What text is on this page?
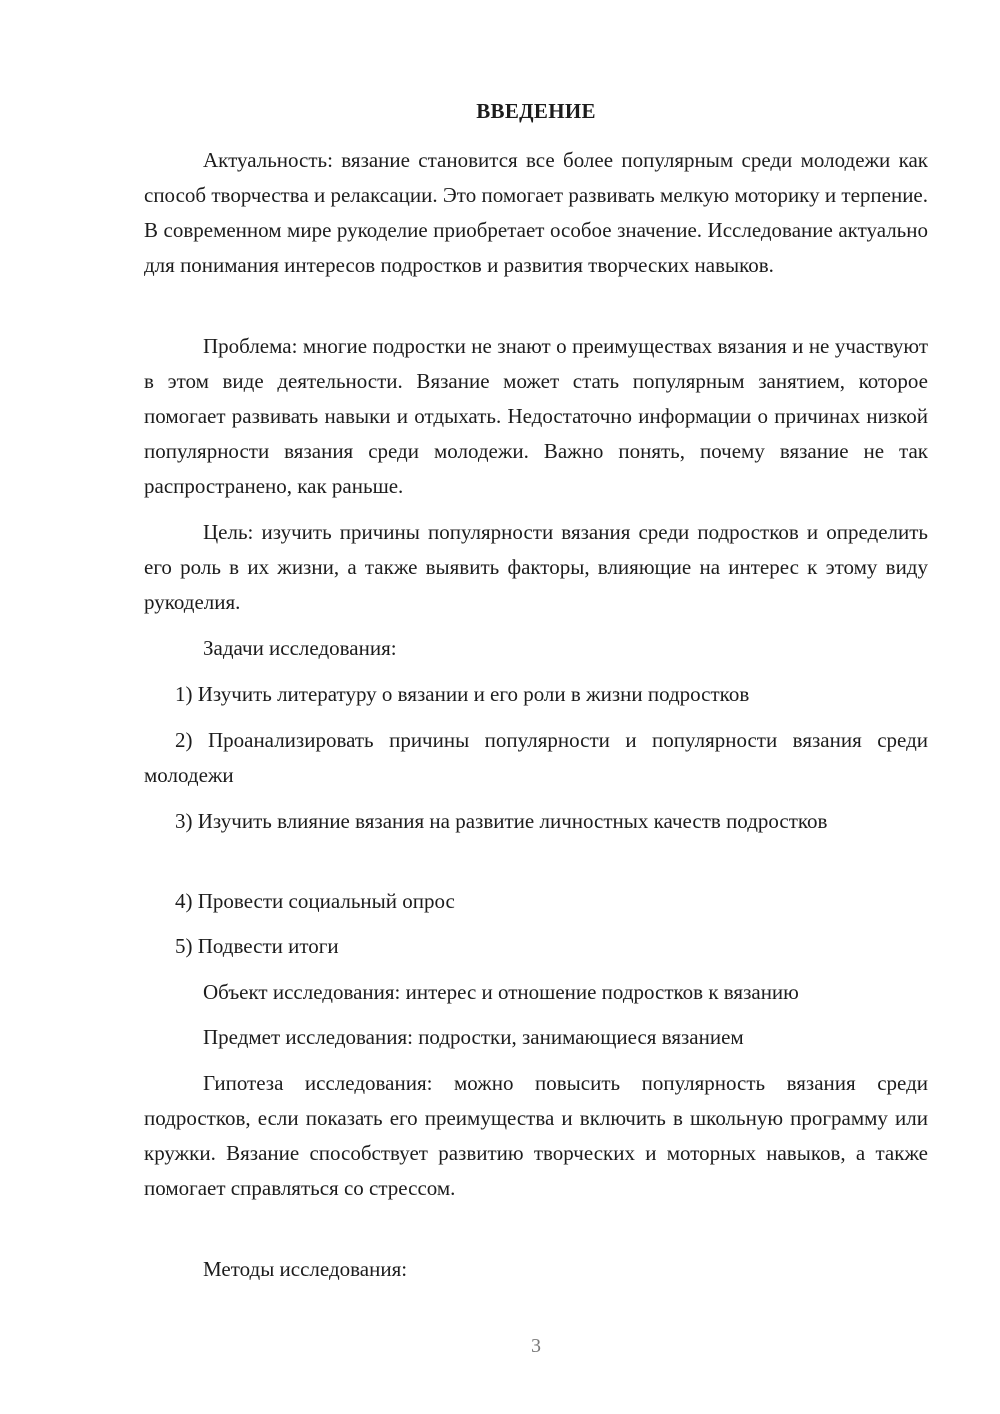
ВВЕДЕНИЕ

Актуальность: вязание становится все более популярным среди молодежи как способ творчества и релаксации. Это помогает развивать мелкую моторику и терпение. В современном мире рукоделие приобретает особое значение. Исследование актуально для понимания интересов подростков и развития творческих навыков.

Проблема: многие подростки не знают о преимуществах вязания и не участвуют в этом виде деятельности. Вязание может стать популярным занятием, которое помогает развивать навыки и отдыхать. Недостаточно информации о причинах низкой популярности вязания среди молодежи. Важно понять, почему вязание не так распространено, как раньше.

Цель: изучить причины популярности вязания среди подростков и определить его роль в их жизни, а также выявить факторы, влияющие на интерес к этому виду рукоделия.

Задачи исследования:

1) Изучить литературу о вязании и его роли в жизни подростков

2) Проанализировать причины популярности и популярности вязания среди молодежи

3) Изучить влияние вязания на развитие личностных качеств подростков

4) Провести социальный опрос

5) Подвести итоги

Объект исследования: интерес и отношение подростков к вязанию

Предмет исследования: подростки, занимающиеся вязанием

Гипотеза исследования: можно повысить популярность вязания среди подростков, если показать его преимущества и включить в школьную программу или кружки. Вязание способствует развитию творческих и моторных навыков, а также помогает справляться со стрессом.

Методы исследования:

3
